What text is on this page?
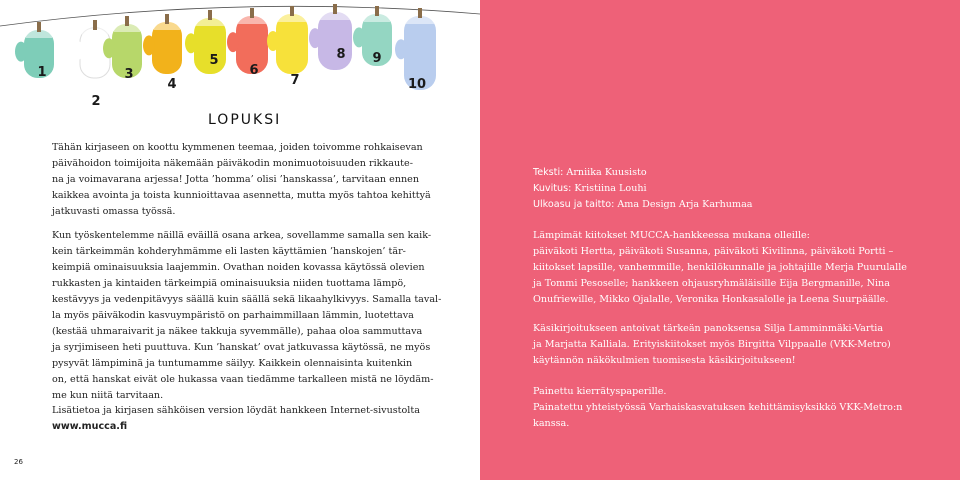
1
2
3
4
5
6
7
8 9
10
LOPUKSI

Tähän kirjaseen on koottu kymmenen teemaa, joiden toivomme rohkaisevan
päivähoidon toimijoita näkemään päiväkodin monimuotoisuuden rikkaute-
na ja voimavarana arjessa! Jotta ’homma’ olisi ’hanskassa’, tarvitaan ennen
kaikkea avointa ja toista kunnioittavaa asennetta, mutta myös tahtoa kehittyä
jatkuvasti omassa työssä.

Kun työskentelemme näillä eväillä osana arkea, sovellamme samalla sen kaik-
kein tärkeimmän kohderyhmämme eli lasten käyttämien ’hanskojen’ tär-
keimpiä ominaisuuksia laajemmin. Ovathan noiden kovassa käytössä olevien
rukkasten ja kintaiden tärkeimpiä ominaisuuksia niiden tuottama lämpö,
kestävyys ja vedenpitävyys säällä kuin säällä sekä likaahylkivyys. Samalla taval-
la myös päiväkodin kasvuympäristö on parhaimmillaan lämmin, luotettava
(kestää uhmaraivarit ja näkee takkuja syvemmälle), pahaa oloa sammuttava
ja syrjimiseen heti puuttuva. Kun ’hanskat’ ovat jatkuvassa käytössä, ne myös
pysyvät lämpiminä ja tuntumamme säilyy. Kaikkein olennaisinta kuitenkin
on, että hanskat eivät ole hukassa vaan tiedämme tarkalleen mistä ne löydäm-
me kun niitä tarvitaan.

Lisätietoa ja kirjasen sähköisen version löydät hankkeen Internet-sivustolta
www.mucca.fi

26

Teksti: Arniika Kuusisto
Kuvitus: Kristiina Louhi
Ulkoasu ja taitto: Ama Design Arja Karhumaa

Lämpimät kiitokset MUCCA-hankkeessa mukana olleille:
päiväkoti Hertta, päiväkoti Susanna, päiväkoti Kivilinna, päiväkoti Portti –
kiitokset lapsille, vanhemmille, henkilökunnalle ja johtajille Merja Puurulalle
ja Tommi Pesoselle; hankkeen ohjausryhmäläisille Eija Bergmanille, Nina
Onufriewille, Mikko Ojalalle, Veronika Honkasalolle ja Leena Suurpäälle.

Käsikirjoitukseen antoivat tärkeän panoksensa Silja Lamminmäki-Vartia
ja Marjatta Kalliala. Erityiskiitokset myös Birgitta Vilppaalle (VKK-Metro)
käytännön näkökulmien tuomisesta käsikirjoitukseen!

Painettu kierrätyspaperille.
Painatettu yhteistyössä Varhaiskasvatuksen kehittämisyksikkö VKK-Metro:n
kanssa.
